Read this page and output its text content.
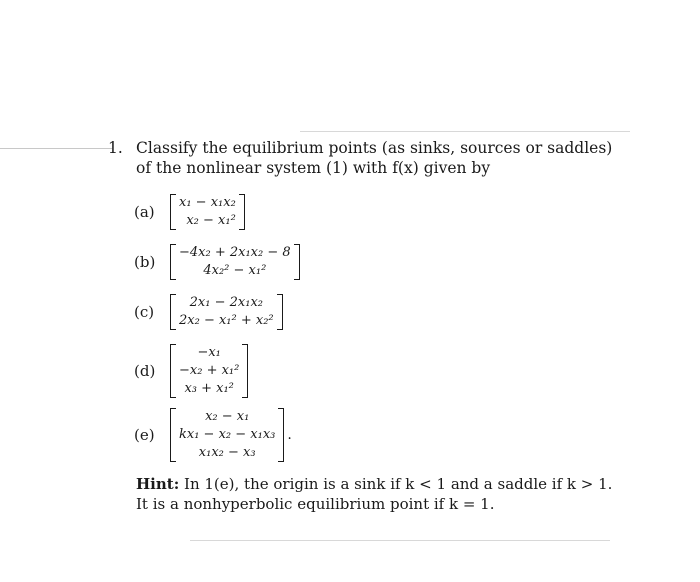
1. Classify the equilibrium points (as sinks, sources or saddles) of the nonlinear system (1) with f(x) given by
(a)
x₁ − x₁x₂
x₂ − x₁²
(b)
−4x₂ + 2x₁x₂ − 8
4x₂² − x₁²
(c)
2x₁ − 2x₁x₂
2x₂ − x₁² + x₂²
(d)
−x₁
−x₂ + x₁²
x₃ + x₁²
(e)
x₂ − x₁
kx₁ − x₂ − x₁x₃
x₁x₂ − x₃
.
Hint: In 1(e), the origin is a sink if k < 1 and a saddle if k > 1. It is a nonhyperbolic equilibrium point if k = 1.
